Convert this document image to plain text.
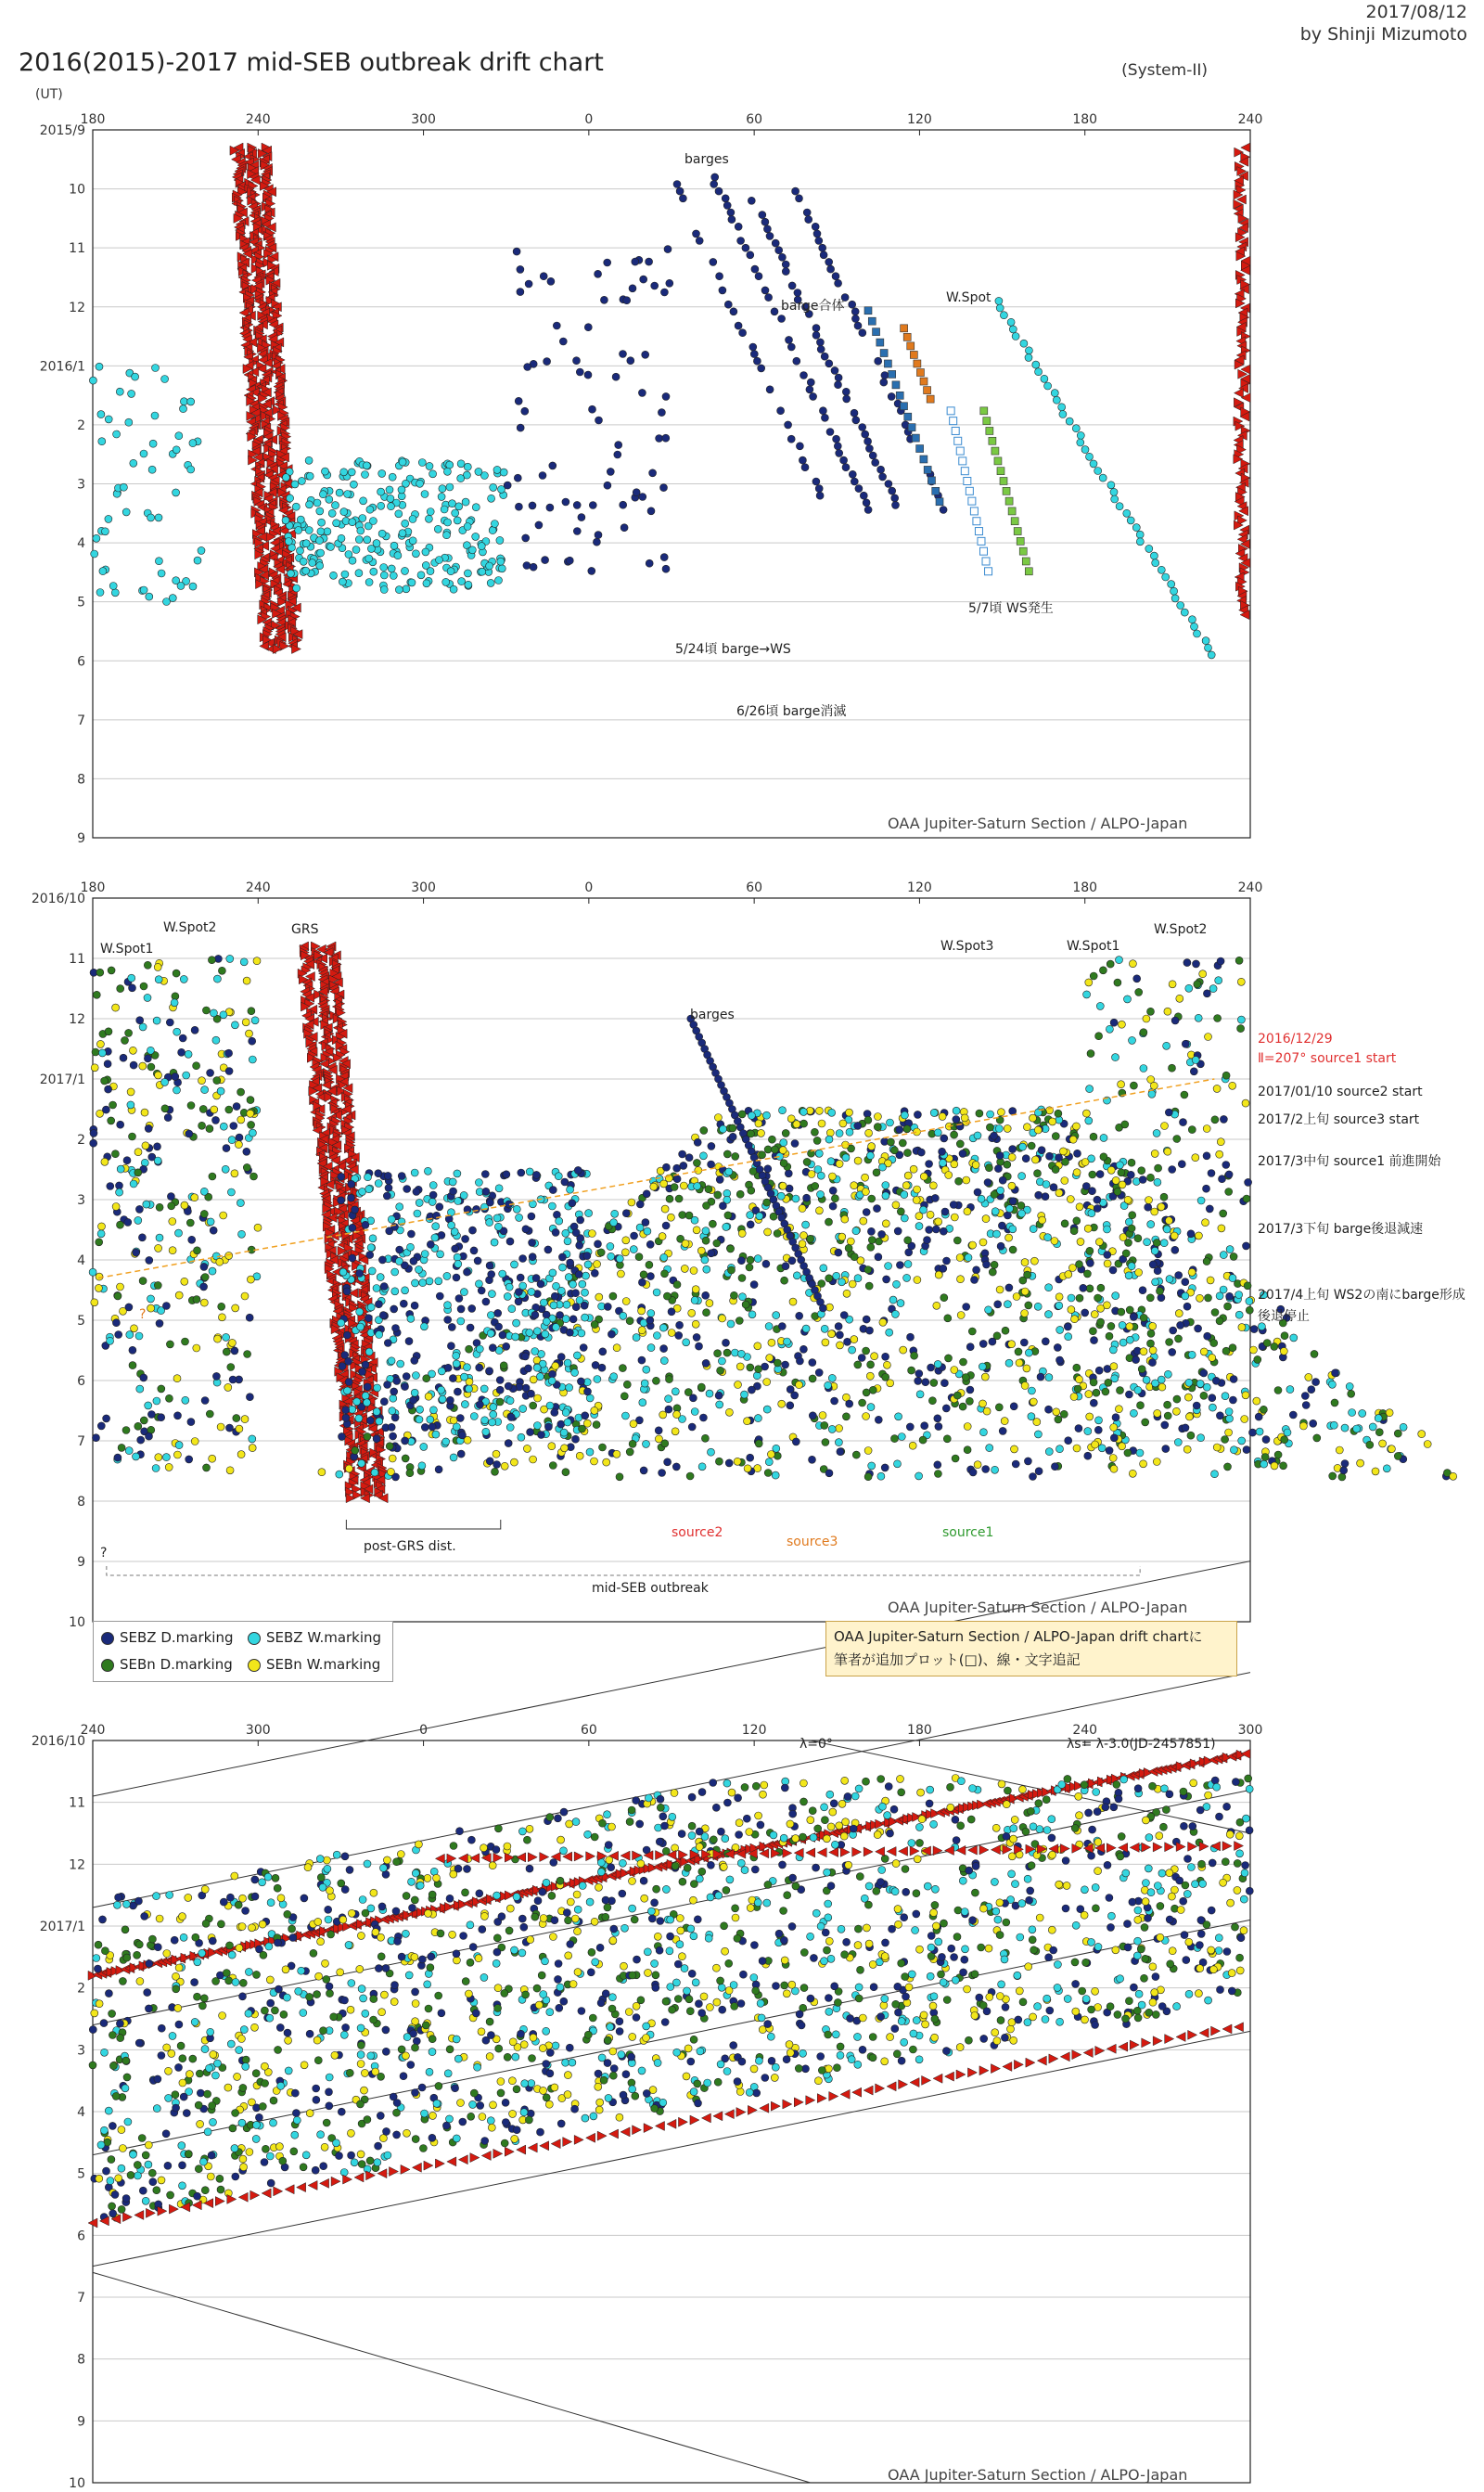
2017/08/12
by Shinji Mizumoto
2016(2015)-2017 mid-SEB outbreak drift chart	(System-II)
(UT)
2015/9
10
11
12
2016/1
2
3
4
5
6
7
8
9
180	240	300	0	60	120	180	240
2016/10
11
12
2017/1
2
3
4
5
6
7
8
9
10
180	240	300	0	60	120	180	240
2016/10
11
12
2017/1
2
3
4
5
6
7
8
9
10
240	300	0	60	120	180	240	300
barges
barge合体
W.Spot
5/7頃 WS発生
5/24頃 barge→WS
6/26頃 barge消滅
OAA Jupiter-Saturn Section / ALPO-Japan
W.Spot1
W.Spot2	GRS
barges
W.Spot3	W.Spot1
W.Spot2
2016/12/29
Ⅱ=207° source1 start
2017/01/10 source2 start
2017/2上旬 source3 start
2017/3中旬 source1 前進開始
2017/3下旬 barge後退減速
2017/4上旬 WS2の南にbarge形成
後退停止
post-GRS dist.
mid-SEB outbreak
source1
source2
source3
?
?
OAA Jupiter-Saturn Section / ALPO-Japan
λ=0°	λs= λ-3.0(JD-2457851)
OAA Jupiter-Saturn Section / ALPO-Japan
SEBZ D.marking	SEBZ W.marking
SEBn D.marking	SEBn W.marking
OAA Jupiter-Saturn Section / ALPO-Japan drift chartに
筆者が追加プロット(□)、線・文字追記
